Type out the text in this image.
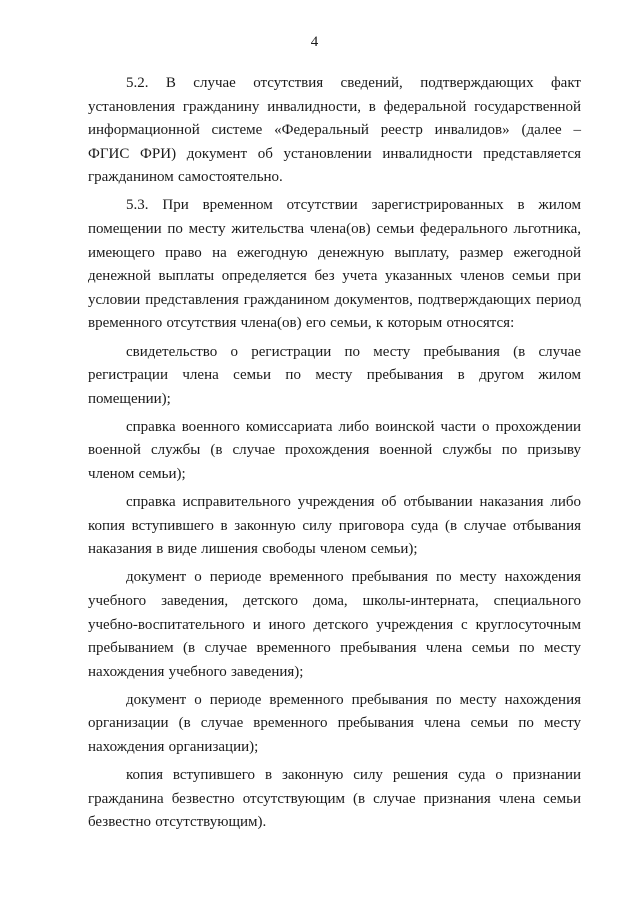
4

5.2. В случае отсутствия сведений, подтверждающих факт установления гражданину инвалидности, в федеральной государственной информационной системе «Федеральный реестр инвалидов» (далее – ФГИС ФРИ) документ об установлении инвалидности представляется гражданином самостоятельно.

5.3. При временном отсутствии зарегистрированных в жилом помещении по месту жительства члена(ов) семьи федерального льготника, имеющего право на ежегодную денежную выплату, размер ежегодной денежной выплаты определяется без учета указанных членов семьи при условии представления гражданином документов, подтверждающих период временного отсутствия члена(ов) его семьи, к которым относятся:

свидетельство о регистрации по месту пребывания (в случае регистрации члена семьи по месту пребывания в другом жилом помещении);

справка военного комиссариата либо воинской части о прохождении военной службы (в случае прохождения военной службы по призыву членом семьи);

справка исправительного учреждения об отбывании наказания либо копия вступившего в законную силу приговора суда (в случае отбывания наказания в виде лишения свободы членом семьи);

документ о периоде временного пребывания по месту нахождения учебного заведения, детского дома, школы-интерната, специального учебно-воспитательного и иного детского учреждения с круглосуточным пребыванием (в случае временного пребывания члена семьи по месту нахождения учебного заведения);

документ о периоде временного пребывания по месту нахождения организации (в случае временного пребывания члена семьи по месту нахождения организации);

копия вступившего в законную силу решения суда о признании гражданина безвестно отсутствующим (в случае признания члена семьи безвестно отсутствующим).
